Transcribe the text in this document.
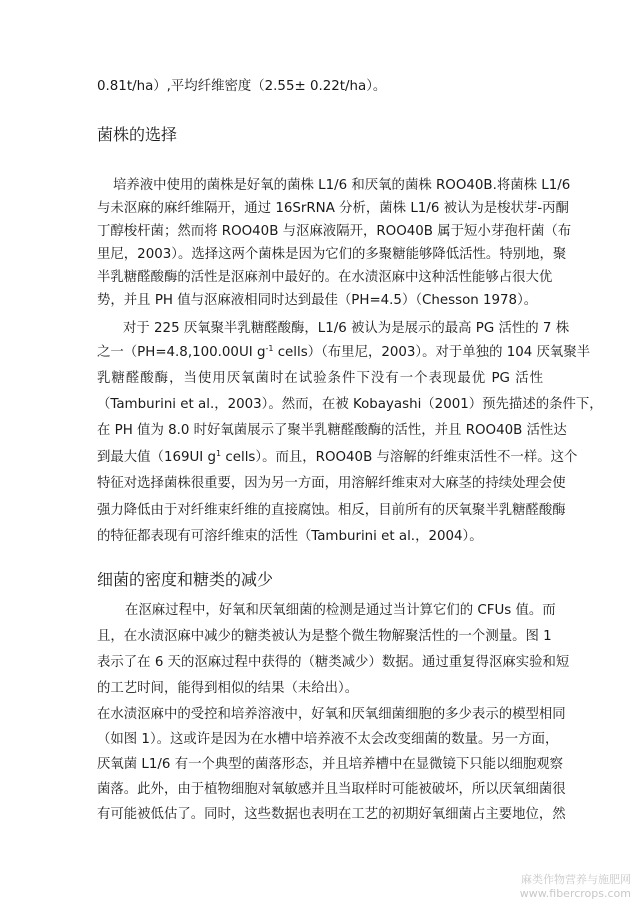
0.81t/ha）,平均纤维密度（2.55± 0.22t/ha）。
菌株的选择
培养液中使用的菌株是好氧的菌株 L1/6 和厌氧的菌株 ROO40B.将菌株 L1/6
与未沤麻的麻纤维隔开，通过 16SrRNA 分析，菌株 L1/6 被认为是梭状芽-丙酮
丁醇梭杆菌；然而将 ROO40B 与沤麻液隔开，ROO40B 属于短小芽孢杆菌（布
里尼，2003）。选择这两个菌株是因为它们的多聚糖能够降低活性。特别地，聚
半乳糖醛酸酶的活性是沤麻剂中最好的。在水渍沤麻中这种活性能够占很大优
势，并且 PH 值与沤麻液相同时达到最佳（PH=4.5）（Chesson 1978）。
对于 225 厌氧聚半乳糖醛酸酶，L1/6 被认为是展示的最高 PG 活性的 7 株
之一（PH=4.8,100.00UI $g^{-1}$ cells）（布里尼，2003）。对于单独的 104 厌氧聚半
乳糖醛酸酶，当使用厌氧菌时在试验条件下没有一个表现最优 PG 活性
（Tamburini et al.，2003）。然而，在被 Kobayashi（2001）预先描述的条件下，
在 PH 值为 8.0 时好氧菌展示了聚半乳糖醛酸酶的活性，并且 ROO40B 活性达
到最大值（169UI $g^1$ cells）。而且，ROO40B 与溶解的纤维束活性不一样。这个
特征对选择菌株很重要，因为另一方面，用溶解纤维束对大麻茎的持续处理会使
强力降低由于对纤维束纤维的直接腐蚀。相反，目前所有的厌氧聚半乳糖醛酸酶
的特征都表现有可溶纤维束的活性（Tamburini et al.，2004）。
细菌的密度和糖类的减少
在沤麻过程中，好氧和厌氧细菌的检测是通过当计算它们的 CFUs 值。而
且，在水渍沤麻中减少的糖类被认为是整个微生物解聚活性的一个测量。图 1
表示了在 6 天的沤麻过程中获得的（糖类减少）数据。通过重复得沤麻实验和短
的工艺时间，能得到相似的结果（未给出）。
在水渍沤麻中的受控和培养溶液中，好氧和厌氧细菌细胞的多少表示的模型相同
（如图 1）。这或许是因为在水槽中培养液不太会改变细菌的数量。另一方面，
厌氧菌 L1/6 有一个典型的菌落形态，并且培养槽中在显微镜下只能以细胞观察
菌落。此外，由于植物细胞对氧敏感并且当取样时可能被破坏，所以厌氧细菌很
有可能被低估了。同时，这些数据也表明在工艺的初期好氧细菌占主要地位，然
麻类作物营养与施肥网
www.fibercrops.com
